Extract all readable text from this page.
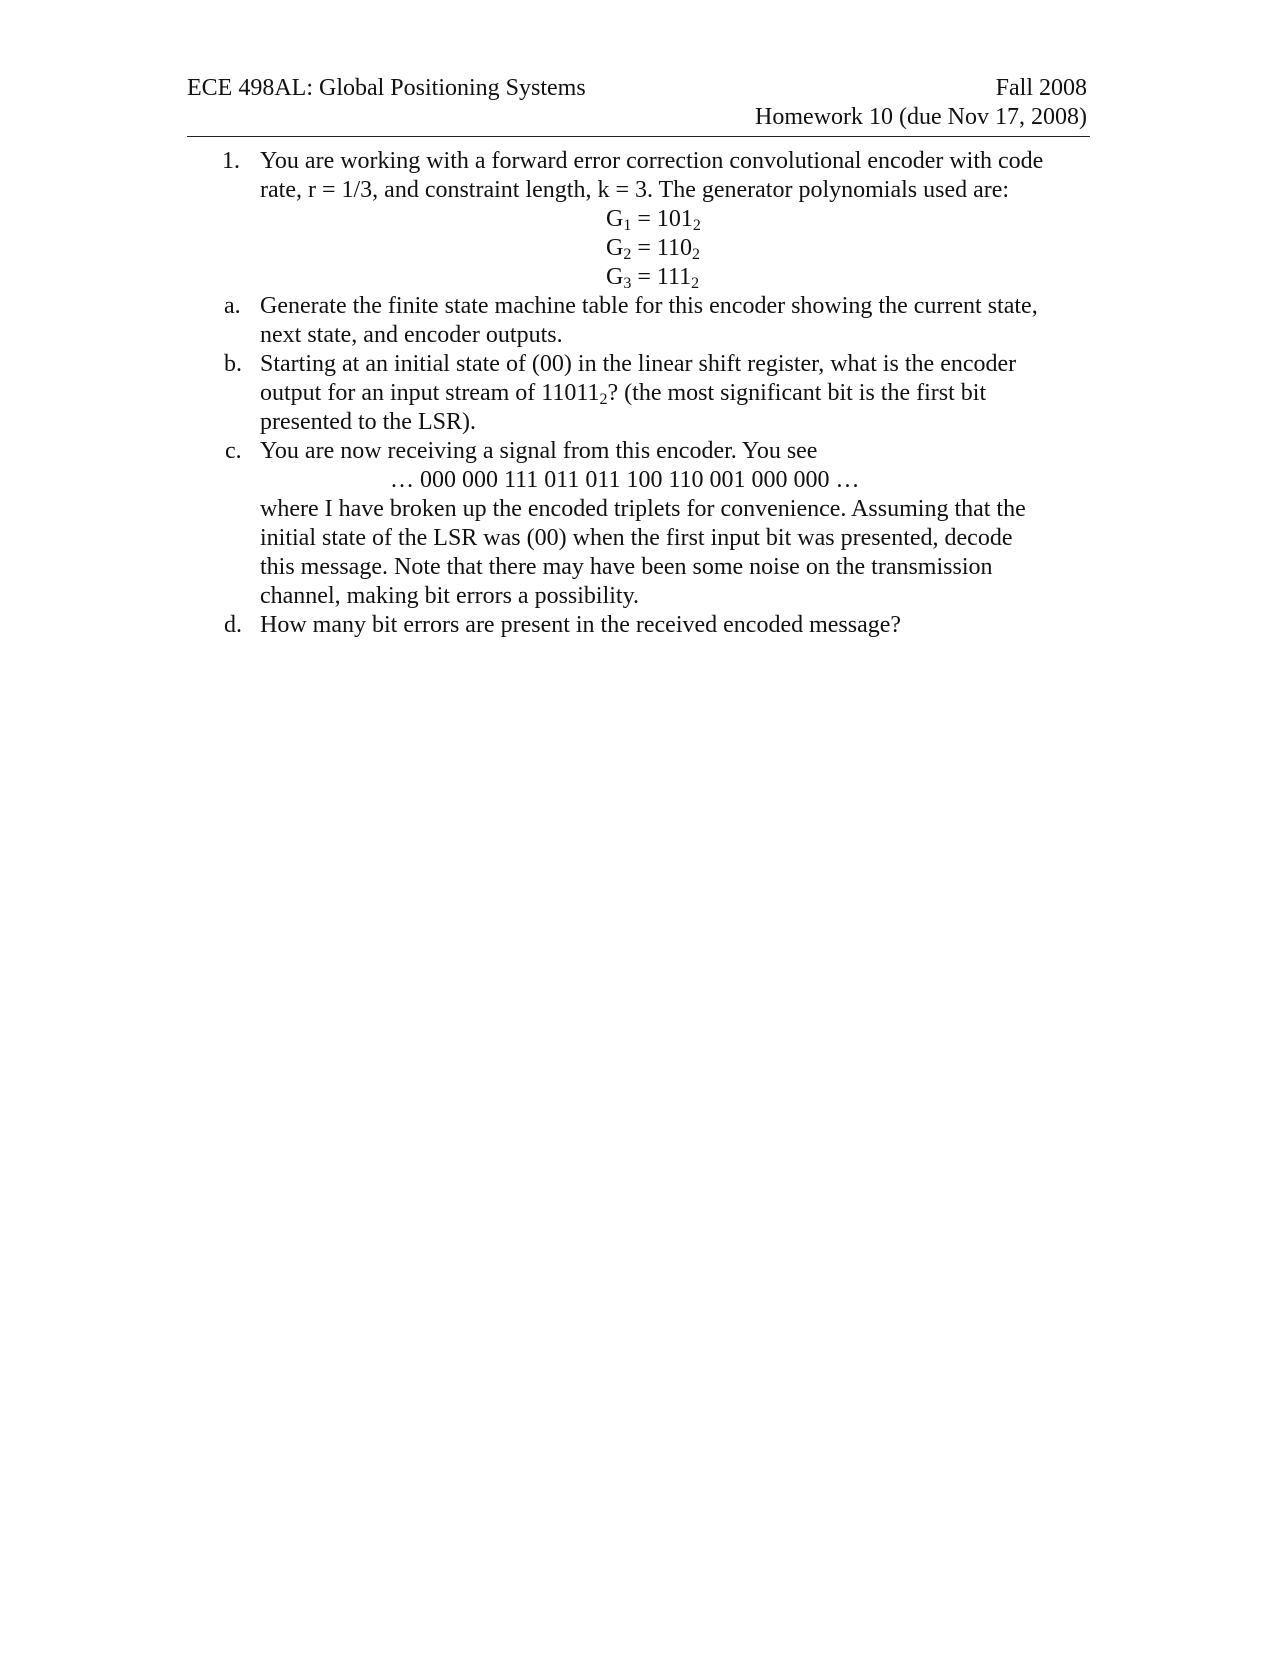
ECE 498AL: Global Positioning Systems	Fall 2008
Homework 10 (due Nov 17, 2008)
1. You are working with a forward error correction convolutional encoder with code
rate, r = 1/3, and constraint length, k = 3. The generator polynomials used are:
$G_1 = 101_2$
$G_2 = 110_2$
$G_3 = 111_2$
a. Generate the finite state machine table for this encoder showing the current state,
next state, and encoder outputs.
b. Starting at an initial state of (00) in the linear shift register, what is the encoder
output for an input stream of $11011_2$? (the most significant bit is the first bit
presented to the LSR).
c. You are now receiving a signal from this encoder. You see
… 000 000 111 011 011 100 110 001 000 000 …
where I have broken up the encoded triplets for convenience. Assuming that the
initial state of the LSR was (00) when the first input bit was presented, decode
this message. Note that there may have been some noise on the transmission
channel, making bit errors a possibility.
d. How many bit errors are present in the received encoded message?
